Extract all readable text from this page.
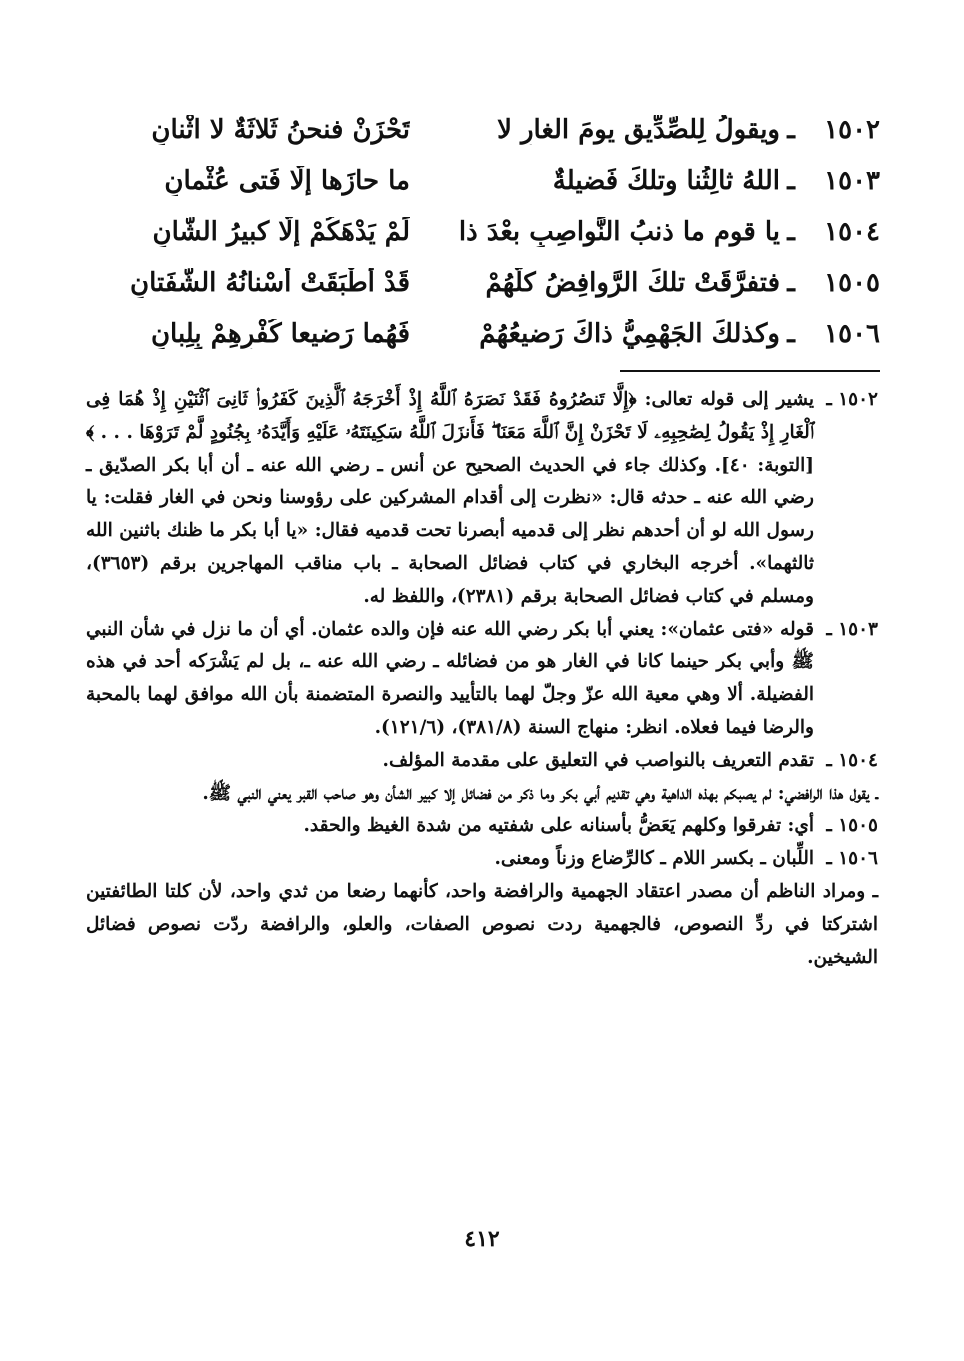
١٥٠٢
ـ
ويقولُ لِلصِّدِّيقِ يومَ الغارِ لا
تَحْزَنْ فنحنُ ثَلاثَةٌ لا اثْنانِ
١٥٠٣
ـ
اللهُ ثالِثُنا وتلكَ فَضيلةٌ
ما حازَها إلَّا فَتى عُثْمانِ
١٥٠٤
ـ
يا قومِ ما ذنبُ النَّواصِبِ بعْدَ ذا
لَمْ يَدْهَكُمْ إلَّا كبيرُ الشَّانِ
١٥٠٥
ـ
فتفرَّقَتْ تلكَ الرَّوافِضُ كلُّهُمْ
قَدْ أطْبَقَتْ أسْنانُهُ الشَّفَتانِ
١٥٠٦
ـ
وكذلكَ الجَهْمِيُّ ذاكَ رَضيعُهُمْ
فَهُما رَضيعا كُفْرِهِمْ بِلِبانِ
١٥٠٢ ـ
يشير إلى قوله تعالى: ﴿إِلَّا تَنصُرُوهُ فَقَدْ نَصَرَهُ ٱللَّهُ إِذْ أَخْرَجَهُ ٱلَّذِينَ كَفَرُوا۟ ثَانِىَ ٱثْنَيْنِ إِذْ هُمَا فِى ٱلْغَارِ إِذْ يَقُولُ لِصَٰحِبِهِۦ لَا تَحْزَنْ إِنَّ ٱللَّهَ مَعَنَا ۖ فَأَنزَلَ ٱللَّهُ سَكِينَتَهُۥ عَلَيْهِ وَأَيَّدَهُۥ بِجُنُودٍ لَّمْ تَرَوْهَا . . . ﴾ [التوبة: ٤٠]. وكذلك جاء في الحديث الصحيح عن أنس ـ رضي الله عنه ـ أن أبا بكر الصدّيق ـ رضي الله عنه ـ حدثه قال: «نظرت إلى أقدام المشركين على رؤوسنا ونحن في الغار فقلت: يا رسول الله لو أن أحدهم نظر إلى قدميه أبصرنا تحت قدميه فقال: «يا أبا بكر ما ظنك باثنين الله ثالثهما». أخرجه البخاري في كتاب فضائل الصحابة ـ باب مناقب المهاجرين برقم (٣٦٥٣)، ومسلم في كتاب فضائل الصحابة برقم (٢٣٨١)، واللفظ له.
١٥٠٣ ـ
قوله «فتى عثمان»: يعني أبا بكر رضي الله عنه فإن والده عثمان. أي أن ما نزل في شأن النبي ﷺ وأبي بكر حينما كانا في الغار هو من فضائله ـ رضي الله عنه ـ، بل لم يَشْرَكه أحد في هذه الفضيلة. ألا وهي معية الله عزّ وجلّ لهما بالتأييد والنصرة المتضمنة بأن الله موافق لهما بالمحبة والرضا فيما فعلاه. انظر: منهاج السنة (٣٨١/٨)، (١٢١/٦).
١٥٠٤ ـ
تقدم التعريف بالنواصب في التعليق على مقدمة المؤلف.

ـ يقول هذا الرافضي: لم يصبكم بهذه الداهية وهي تقديم أبي بكر وما ذكر من فضائل إلا كبير الشأن وهو صاحب القبر يعني النبي ﷺ.

١٥٠٥ ـ
أي: تفرقوا وكلهم يَعَضُّ بأسنانه على شفتيه من شدة الغيظ والحقد.
١٥٠٦ ـ
اللِّبان ـ بكسر اللام ـ كالرِّضاع وزناً ومعنى.

ـ ومراد الناظم أن مصدر اعتقاد الجهمية والرافضة واحد، كأنهما رضعا من ثدي واحد، لأن كلتا الطائفتين اشتركتا في ردِّ النصوص، فالجهمية ردت نصوص الصفات، والعلو، والرافضة ردّت نصوص فضائل الشيخين.

٤١٢
